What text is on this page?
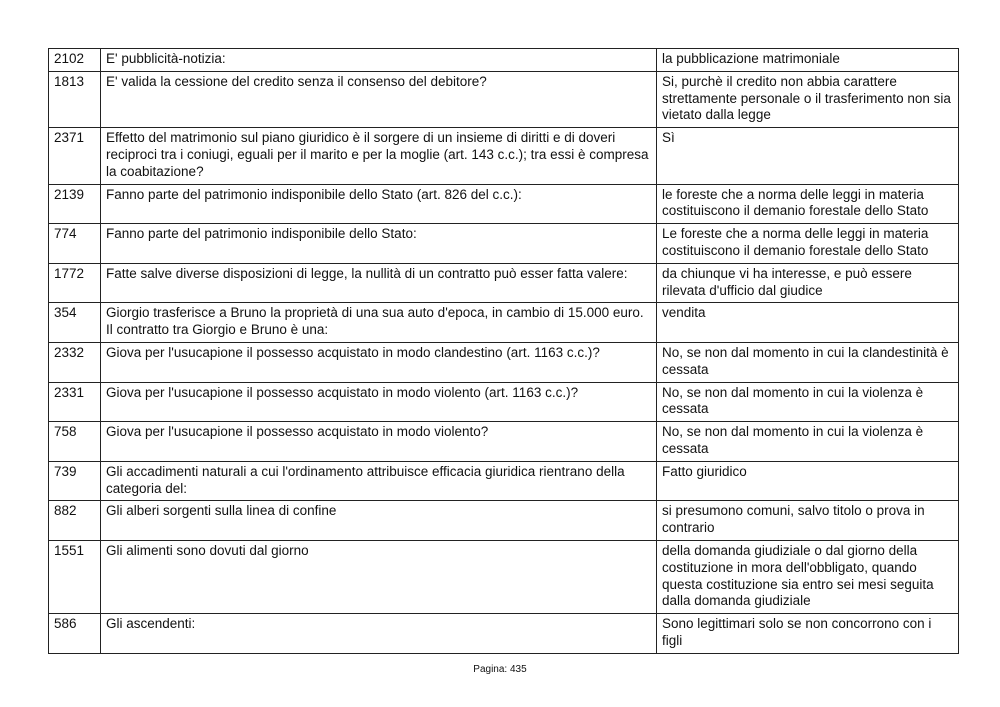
2102	E' pubblicità-notizia:	la pubblicazione matrimoniale
1813	E' valida la cessione del credito senza il consenso del debitore?	Si, purchè il credito non abbia carattere strettamente personale o il trasferimento non sia vietato dalla legge
2371	Effetto del matrimonio sul piano giuridico è il sorgere di un insieme di diritti e di doveri reciproci tra i coniugi, eguali per il marito e per la moglie (art. 143 c.c.); tra essi è compresa la coabitazione?	Sì
2139	Fanno parte del patrimonio indisponibile dello Stato (art. 826 del c.c.):	le foreste che a norma delle leggi in materia costituiscono il demanio forestale dello Stato
774	Fanno parte del patrimonio indisponibile dello Stato:	Le foreste che a norma delle leggi in materia costituiscono il demanio forestale dello Stato
1772	Fatte salve diverse disposizioni di legge, la nullità di un contratto può esser fatta valere:	da chiunque vi ha interesse, e può essere rilevata d'ufficio dal giudice
354	Giorgio trasferisce a Bruno la proprietà di una sua auto d'epoca, in cambio di 15.000 euro. Il contratto tra Giorgio e Bruno è una:	vendita
2332	Giova per l'usucapione il possesso acquistato in modo clandestino (art. 1163 c.c.)?	No, se non dal momento in cui la clandestinità è cessata
2331	Giova per l'usucapione il possesso acquistato in modo violento (art. 1163 c.c.)?	No, se non dal momento in cui la violenza è cessata
758	Giova per l'usucapione il possesso acquistato in modo violento?	No, se non dal momento in cui la violenza è cessata
739	Gli accadimenti naturali a cui l'ordinamento attribuisce efficacia giuridica rientrano della categoria del:	Fatto giuridico
882	Gli alberi sorgenti sulla linea di confine	si presumono comuni, salvo titolo o prova in contrario
1551	Gli alimenti sono dovuti dal giorno	della domanda giudiziale o dal giorno della costituzione in mora dell'obbligato, quando questa costituzione sia entro sei mesi seguita dalla domanda giudiziale
586	Gli ascendenti:	Sono legittimari solo se non concorrono con i figli
Pagina: 435
